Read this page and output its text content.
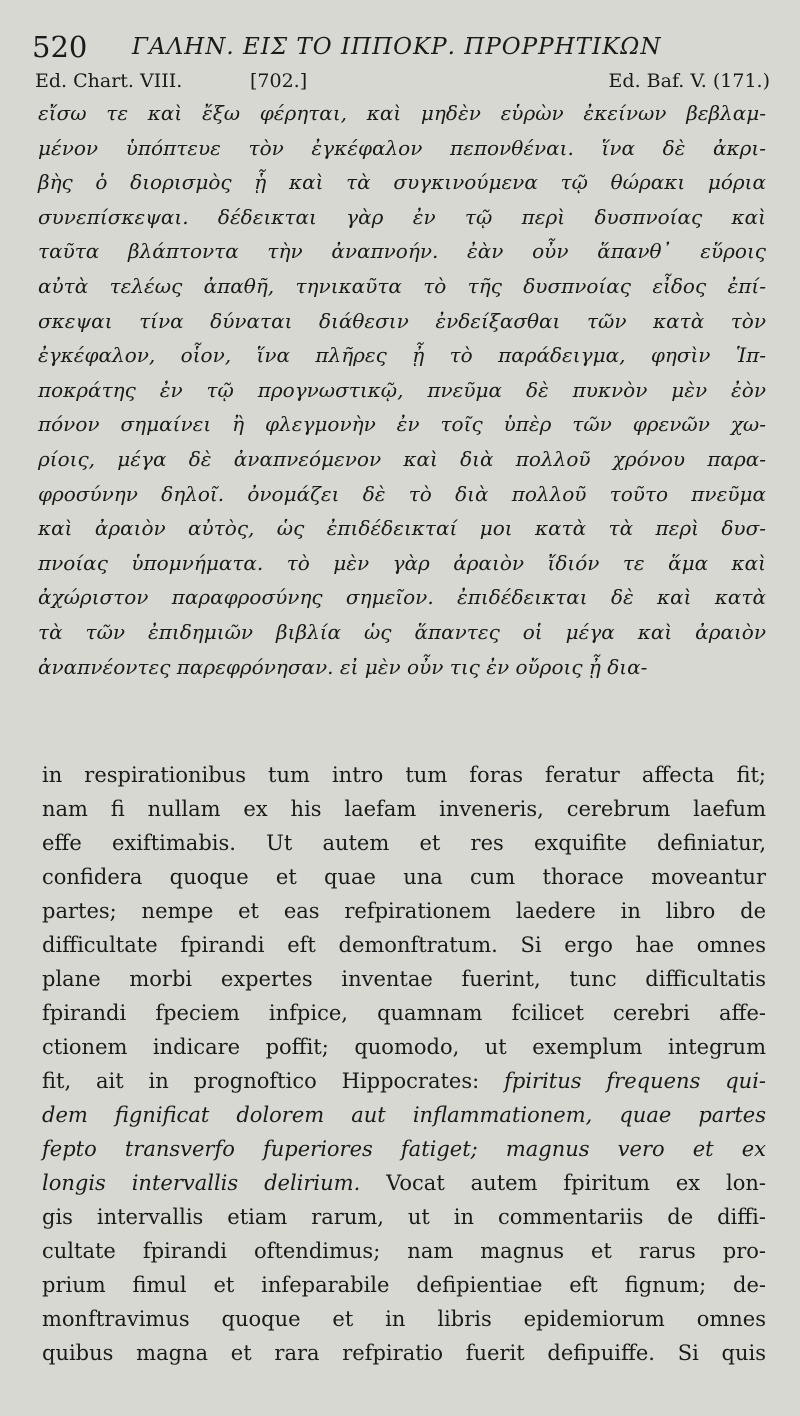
520 ΓΑΛΗΝ. ΕΙΣ ΤΟ ΙΠΠΟΚΡ. ΠΡΟΡΡΗΤΙΚΩΝ
Ed. Chart. VIII.	[702.]	Ed. Baf. V. (171.)
εἴσω τε καὶ ἔξω φέρηται, καὶ μηδὲν εὑρὼν ἐκείνων βεβλαμ-
μένον ὑπόπτευε τὸν ἐγκέφαλον πεπονθέναι. ἵνα δὲ ἀκρι-
βὴς ὁ διορισμὸς ᾗ καὶ τὰ συγκινούμενα τῷ θώρακι μόρια
συνεπίσκεψαι. δέδεικται γὰρ ἐν τῷ περὶ δυσπνοίας καὶ
ταῦτα βλάπτοντα τὴν ἀναπνοήν. ἐὰν οὖν ἅπανθ᾽ εὕροις
αὐτὰ τελέως ἀπαθῆ, τηνικαῦτα τὸ τῆς δυσπνοίας εἶδος ἐπί-
σκεψαι τίνα δύναται διάθεσιν ἐνδείξασθαι τῶν κατὰ τὸν
ἐγκέφαλον, οἷον, ἵνα πλῆρες ᾖ τὸ παράδειγμα, φησὶν Ἱπ-
ποκράτης ἐν τῷ προγνωστικῷ, πνεῦμα δὲ πυκνὸν μὲν ἐὸν
πόνον σημαίνει ἢ φλεγμονὴν ἐν τοῖς ὑπὲρ τῶν φρενῶν χω-
ρίοις, μέγα δὲ ἀναπνεόμενον καὶ διὰ πολλοῦ χρόνου παρα-
φροσύνην δηλοῖ. ὀνομάζει δὲ τὸ διὰ πολλοῦ τοῦτο πνεῦμα
καὶ ἀραιὸν αὐτὸς, ὡς ἐπιδέδεικταί μοι κατὰ τὰ περὶ δυσ-
πνοίας ὑπομνήματα. τὸ μὲν γὰρ ἀραιὸν ἴδιόν τε ἅμα καὶ
ἀχώριστον παραφροσύνης σημεῖον. ἐπιδέδεικται δὲ καὶ κατὰ
τὰ τῶν ἐπιδημιῶν βιβλία ὡς ἅπαντες οἱ μέγα καὶ ἀραιὸν
ἀναπνέοντες παρεφρόνησαν. εἰ μὲν οὖν τις ἐν οὔροις ᾖ δια-
in respirationibus tum intro tum foras feratur affecta fit;
nam fi nullam ex his laefam inveneris, cerebrum laefum
effe exiftimabis. Ut autem et res exquifite definiatur,
confidera quoque et quae una cum thorace moveantur
partes; nempe et eas refpirationem laedere in libro de
difficultate fpirandi eft demonftratum. Si ergo hae omnes
plane morbi expertes inventae fuerint, tunc difficultatis
fpirandi fpeciem infpice, quamnam fcilicet cerebri affe-
ctionem indicare poffit; quomodo, ut exemplum integrum
fit, ait in prognoftico Hippocrates: fpiritus frequens qui-
dem fignificat dolorem aut inflammationem, quae partes
fepto transverfo fuperiores fatiget; magnus vero et ex
longis intervallis delirium. Vocat autem fpiritum ex lon-
gis intervallis etiam rarum, ut in commentariis de diffi-
cultate fpirandi oftendimus; nam magnus et rarus pro-
prium fimul et infeparabile defipientiae eft fignum; de-
monftravimus quoque et in libris epidemiorum omnes
quibus magna et rara refpiratio fuerit defipuiffe. Si quis
